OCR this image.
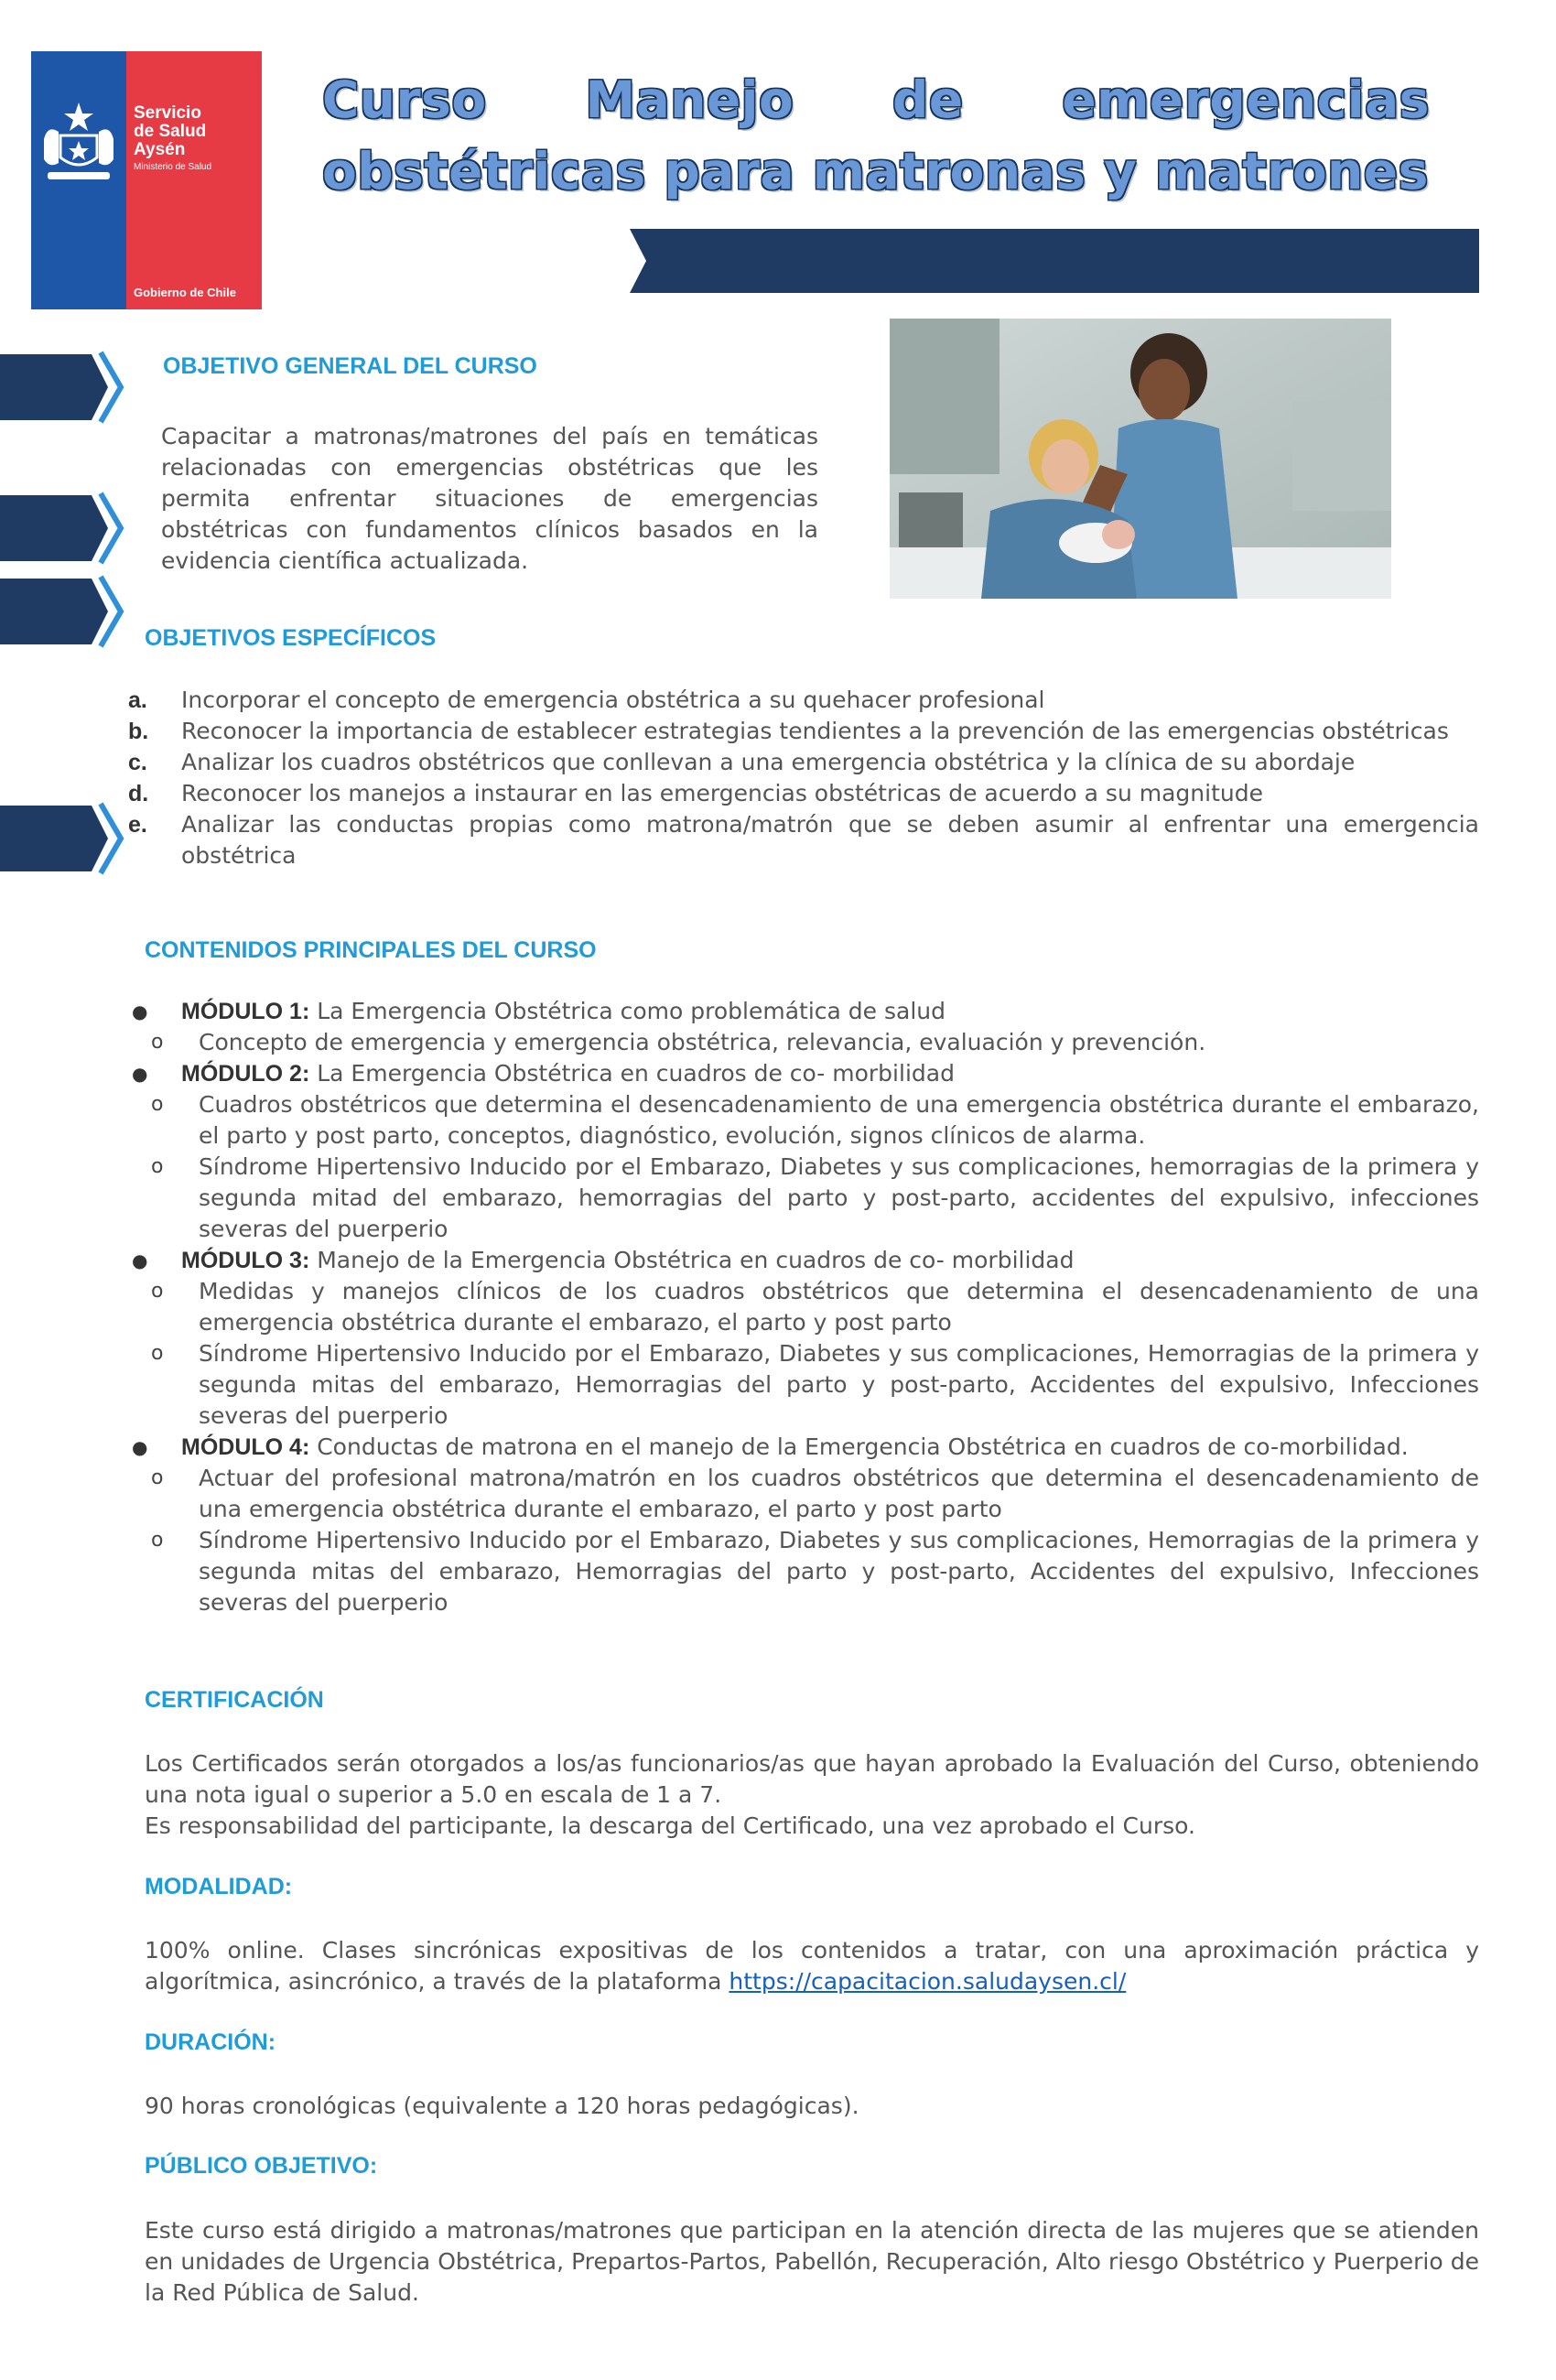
Servicio
de Salud
Aysén
Ministerio de Salud
Gobierno de Chile
Curso Manejo de emergencias
obstétricas para matronas y matrones
OBJETIVO GENERAL DEL CURSO
Capacitar a matronas/matrones del país en temáticas relacionadas con emergencias obstétricas que les permita enfrentar situaciones de emergencias obstétricas con fundamentos clínicos basados en la evidencia científica actualizada.
OBJETIVOS ESPECÍFICOS
a. Incorporar el concepto de emergencia obstétrica a su quehacer profesional
b. Reconocer la importancia de establecer estrategias tendientes a la prevención de las emergencias obstétricas
c. Analizar los cuadros obstétricos que conllevan a una emergencia obstétrica y la clínica de su abordaje
d. Reconocer los manejos a instaurar en las emergencias obstétricas de acuerdo a su magnitude
e. Analizar las conductas propias como matrona/matrón que se deben asumir al enfrentar una emergencia obstétrica
CONTENIDOS PRINCIPALES DEL CURSO
● MÓDULO 1: La Emergencia Obstétrica como problemática de salud
o Concepto de emergencia y emergencia obstétrica, relevancia, evaluación y prevención.
● MÓDULO 2: La Emergencia Obstétrica en cuadros de co- morbilidad
o Cuadros obstétricos que determina el desencadenamiento de una emergencia obstétrica durante el embarazo, el parto y post parto, conceptos, diagnóstico, evolución, signos clínicos de alarma.
o Síndrome Hipertensivo Inducido por el Embarazo, Diabetes y sus complicaciones, hemorragias de la primera y segunda mitad del embarazo, hemorragias del parto y post-parto, accidentes del expulsivo, infecciones severas del puerperio
● MÓDULO 3: Manejo de la Emergencia Obstétrica en cuadros de co- morbilidad
o Medidas y manejos clínicos de los cuadros obstétricos que determina el desencadenamiento de una emergencia obstétrica durante el embarazo, el parto y post parto
o Síndrome Hipertensivo Inducido por el Embarazo, Diabetes y sus complicaciones, Hemorragias de la primera y segunda mitas del embarazo, Hemorragias del parto y post-parto, Accidentes del expulsivo, Infecciones severas del puerperio
● MÓDULO 4: Conductas de matrona en el manejo de la Emergencia Obstétrica en cuadros de co-morbilidad.
o Actuar del profesional matrona/matrón en los cuadros obstétricos que determina el desencadenamiento de una emergencia obstétrica durante el embarazo, el parto y post parto
o Síndrome Hipertensivo Inducido por el Embarazo, Diabetes y sus complicaciones, Hemorragias de la primera y segunda mitas del embarazo, Hemorragias del parto y post-parto, Accidentes del expulsivo, Infecciones severas del puerperio
CERTIFICACIÓN

Los Certificados serán otorgados a los/as funcionarios/as que hayan aprobado la Evaluación del Curso, obteniendo una nota igual o superior a 5.0 en escala de 1 a 7.

Es responsabilidad del participante, la descarga del Certificado, una vez aprobado el Curso.

MODALIDAD:
100% online. Clases sincrónicas expositivas de los contenidos a tratar, con una aproximación práctica y algorítmica, asincrónico, a través de la plataforma https://capacitacion.saludaysen.cl/
DURACIÓN:
90 horas cronológicas (equivalente a 120 horas pedagógicas).
PÚBLICO OBJETIVO:
Este curso está dirigido a matronas/matrones que participan en la atención directa de las mujeres que se atienden en unidades de Urgencia Obstétrica, Prepartos-Partos, Pabellón, Recuperación, Alto riesgo Obstétrico y Puerperio de la Red Pública de Salud.
